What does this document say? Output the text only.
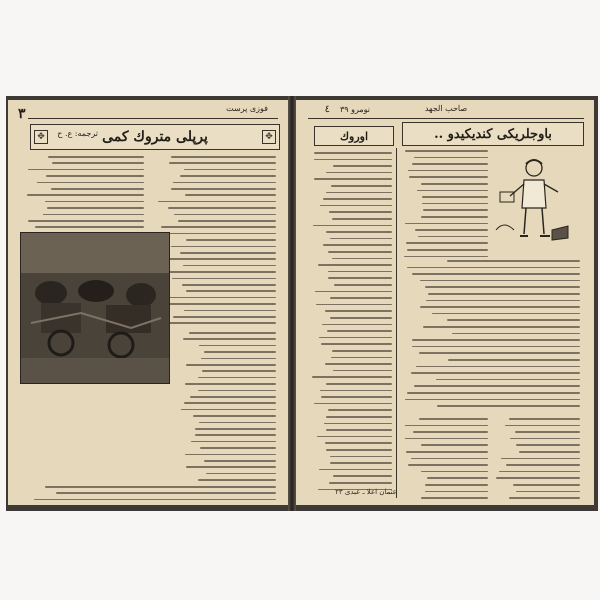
٣	فوزی پرست
پرپلی متروك کمی
ترجمه: ع. ح
✥	✥
٤	صاحب الجهد
نومرو ٣٩
باوجلریکی کندیکیدو ..
اوروك
عثمان اعلا ـ عبدی ٢٣
